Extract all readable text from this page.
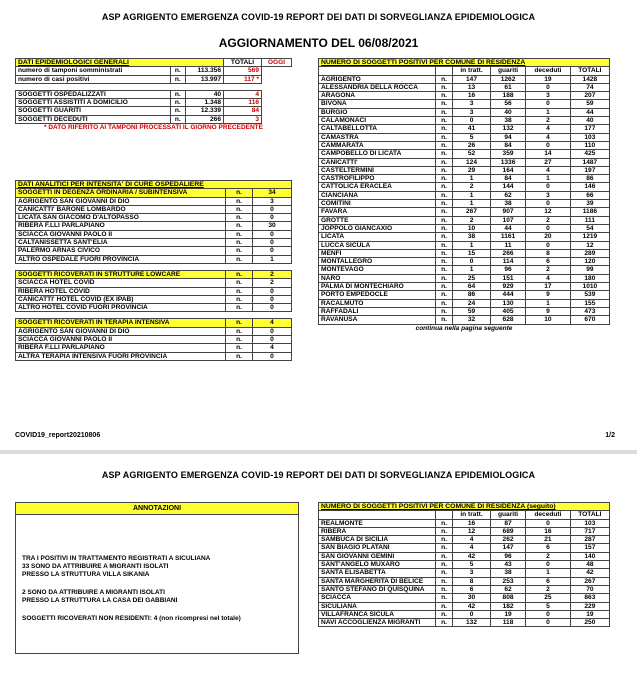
ASP AGRIGENTO EMERGENZA COVID-19 REPORT DEI DATI DI SORVEGLIANZA EPIDEMIOLOGICA
AGGIORNAMENTO DEL 06/08/2021
DATI EPIDEMIOLOGICI GENERALI			TOTALI	OGGI
numero di tamponi somministrati	n.	113.356	569	
numero di casi positivi	n.	13.997	117 *	

SOGGETTI OSPEDALIZZATI	n.	40	4	
SOGGETTI ASSISTITI A DOMICILIO	n.	1.348	116	
SOGGETTI GUARITI	n.	12.339	84	
SOGGETTI DECEDUTI	n.	266	3	
* DATO RIFERITO AI TAMPONI PROCESSATI IL GIORNO PRECEDENTE				
DATI ANALITICI PER INTENSITA' DI CURE OSPEDALIERE		
SOGGETTI IN DEGENZA ORDINARIA / SUBINTENSIVA	n.	34
AGRIGENTO SAN GIOVANNI DI DIO	n.	3
CANICATTI' BARONE LOMBARDO	n.	0
LICATA SAN GIACOMO D'ALTOPASSO	n.	0
RIBERA F.LLI PARLAPIANO	n.	30
SCIACCA GIOVANNI PAOLO II	n.	0
CALTANISSETTA SANT'ELIA	n.	0
PALERMO ARNAS CIVICO	n.	0
ALTRO OSPEDALE FUORI PROVINCIA	n.	1

SOGGETTI RICOVERATI IN STRUTTURE LOWCARE	n.	2
SCIACCA HOTEL COVID	n.	2
RIBERA HOTEL COVID	n.	0
CANICATTI' HOTEL COVID (EX IPAB)	n.	0
ALTRO HOTEL COVID FUORI PROVINCIA	n.	0

SOGGETTI RICOVERATI IN TERAPIA INTENSIVA	n.	4
AGRIGENTO SAN GIOVANNI DI DIO	n.	0
SCIACCA GIOVANNI PAOLO II	n.	0
RIBERA F.LLI PARLAPIANO	n.	4
ALTRA TERAPIA INTENSIVA FUORI PROVINCIA	n.	0
NUMERO DI SOGGETTI POSITIVI PER COMUNE DI RESIDENZA					
		in tratt.	guariti	deceduti	TOTALI
AGRIGENTO	n.	147	1262	19	1428
ALESSANDRIA DELLA ROCCA	n.	13	61	0	74
ARAGONA	n.	16	188	3	207
BIVONA	n.	3	56	0	59
BURGIO	n.	3	40	1	44
CALAMONACI	n.	0	38	2	40
CALTABELLOTTA	n.	41	132	4	177
CAMASTRA	n.	5	94	4	103
CAMMARATA	n.	26	84	0	110
CAMPOBELLO DI LICATA	n.	52	359	14	425
CANICATTI'	n.	124	1336	27	1487
CASTELTERMINI	n.	29	164	4	197
CASTROFILIPPO	n.	1	84	1	86
CATTOLICA ERACLEA	n.	2	144	0	146
CIANCIANA	n.	1	62	3	66
COMITINI	n.	1	38	0	39
FAVARA	n.	267	907	12	1186
GROTTE	n.	2	107	2	111
JOPPOLO GIANCAXIO	n.	10	44	0	54
LICATA	n.	38	1161	20	1219
LUCCA SICULA	n.	1	11	0	12
MENFI	n.	15	266	8	289
MONTALLEGRO	n.	0	114	6	120
MONTEVAGO	n.	1	96	2	99
NARO	n.	25	151	4	180
PALMA DI MONTECHIARO	n.	64	929	17	1010
PORTO EMPEDOCLE	n.	86	444	9	539
RACALMUTO	n.	24	130	1	155
RAFFADALI	n.	59	405	9	473
RAVANUSA	n.	32	628	10	670
continua nella pagina seguente					
COVID19_report20210806	1/2
ASP AGRIGENTO EMERGENZA COVID-19 REPORT DEI DATI DI SORVEGLIANZA EPIDEMIOLOGICA
ANNOTAZIONI

TRA I POSITIVI IN TRATTAMENTO REGISTRATI A SICULIANA

33 SONO DA ATTRIBUIRE A MIGRANTI ISOLATI

PRESSO LA STRUTTURA VILLA SIKANIA

2 SONO DA ATTRIBUIRE A MIGRANTI ISOLATI

PRESSO LA STRUTTURA LA CASA DEI GABBIANI

SOGGETTI RICOVERATI NON RESIDENTI: 4 (non ricompresi nel totale)

NUMERO DI SOGGETTI POSITIVI PER COMUNE DI RESIDENZA (seguito)					
		in tratt.	guariti	deceduti	TOTALI
REALMONTE	n.	16	87	0	103
RIBERA	n.	12	689	16	717
SAMBUCA DI SICILIA	n.	4	262	21	287
SAN BIAGIO PLATANI	n.	4	147	6	157
SAN GIOVANNI GEMINI	n.	42	96	2	140
SANT'ANGELO MUXARO	n.	5	43	0	48
SANTA ELISABETTA	n.	3	38	1	42
SANTA MARGHERITA DI BELICE	n.	8	253	6	267
SANTO STEFANO DI QUISQUINA	n.	6	62	2	70
SCIACCA	n.	30	808	25	863
SICULIANA	n.	42	182	5	229
VILLAFRANCA SICULA	n.	0	19	0	19
NAVI ACCOGLIENZA MIGRANTI	n.	132	118	0	250
